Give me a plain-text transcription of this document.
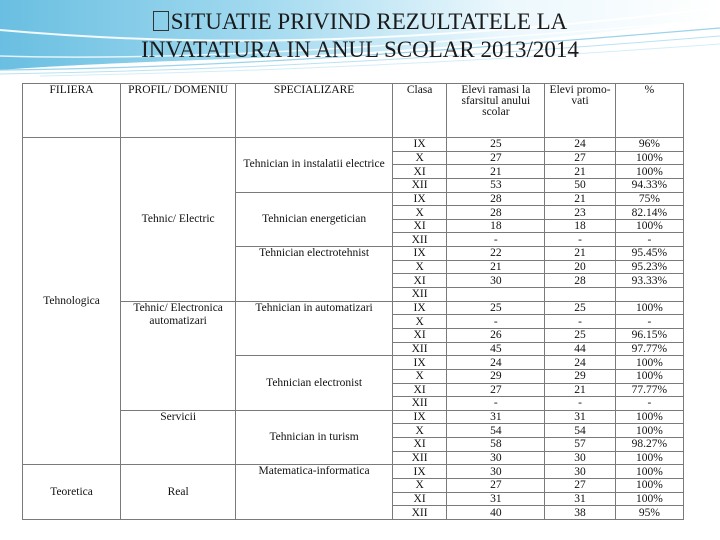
SITUATIE PRIVIND REZULTATELE LA
INVATATURA IN ANUL SCOLAR 2013/2014
FILIERA	PROFIL/ DOMENIU	SPECIALIZARE	Clasa	Elevi ramasi la sfarsitul anului scolar	Elevi promo-vati	%
Tehnologica	Tehnic/ Electric	Tehnician in instalatii electrice	IX	25	24	96%
			X	27	27	100%
			XI	21	21	100%
			XII	53	50	94.33%
		Tehnician energetician	IX	28	21	75%
			X	28	23	82.14%
			XI	18	18	100%
			XII	-	-	-
		Tehnician electrotehnist	IX	22	21	95.45%
			X	21	20	95.23%
			XI	30	28	93.33%
			XII			
	Tehnic/ Electronica automatizari	Tehnician in automatizari	IX	25	25	100%
			X	-	-	-
			XI	26	25	96.15%
			XII	45	44	97.77%
		Tehnician electronist	IX	24	24	100%
			X	29	29	100%
			XI	27	21	77.77%
			XII	-	-	-
	Servicii	Tehnician in turism	IX	31	31	100%
			X	54	54	100%
			XI	58	57	98.27%
			XII	30	30	100%
Teoretica	Real	Matematica-informatica	IX	30	30	100%
			X	27	27	100%
			XI	31	31	100%
			XII	40	38	95%
